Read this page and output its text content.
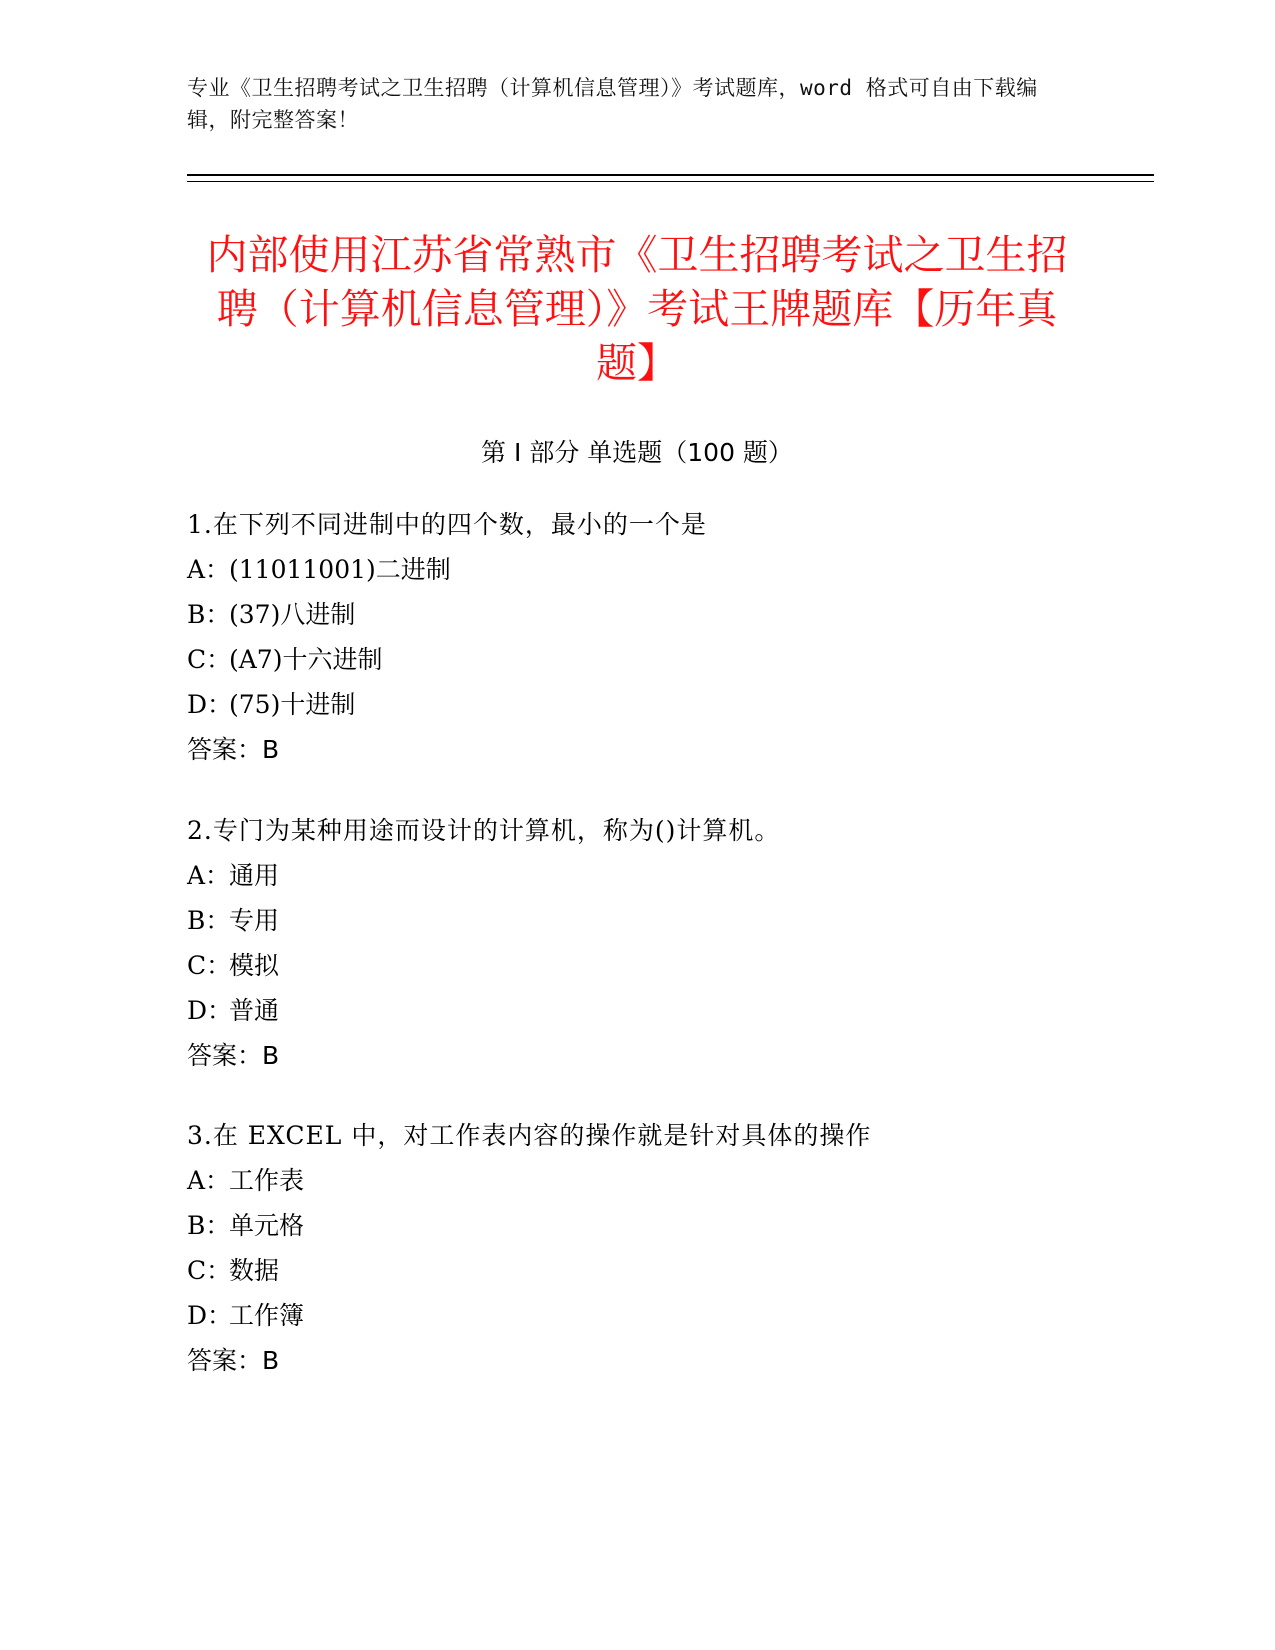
专业《卫生招聘考试之卫生招聘（计算机信息管理）》考试题库，word 格式可自由下载编辑，附完整答案！
内部使用江苏省常熟市《卫生招聘考试之卫生招聘（计算机信息管理）》考试王牌题库【历年真题】
第 I 部分 单选题（100 题）
1.在下列不同进制中的四个数，最小的一个是
A：(11011001)二进制
B：(37)八进制
C：(A7)十六进制
D：(75)十进制
答案：B
2.专门为某种用途而设计的计算机，称为()计算机。
A：通用
B：专用
C：模拟
D：普通
答案：B
3.在 EXCEL 中，对工作表内容的操作就是针对具体的操作
A：工作表
B：单元格
C：数据
D：工作簿
答案：B
